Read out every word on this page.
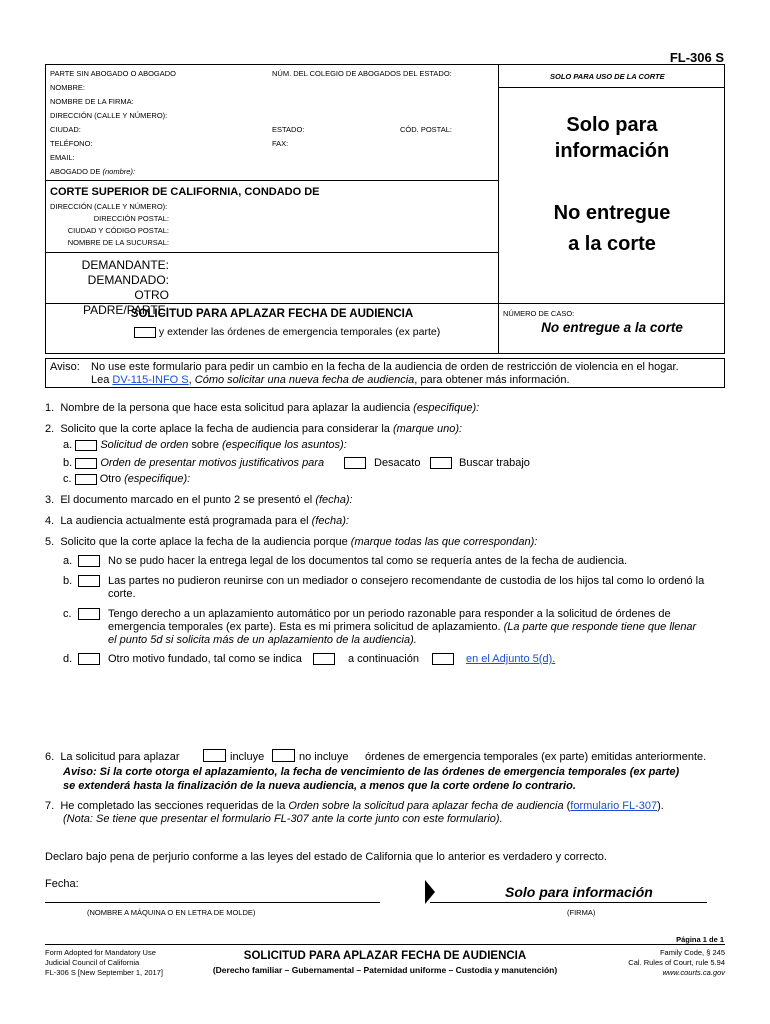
FL-306 S
PARTE SIN ABOGADO O ABOGADO	NÚM. DEL COLEGIO DE ABOGADOS DEL ESTADO:
NOMBRE:
NOMBRE DE LA FIRMA:
DIRECCIÓN (CALLE Y NÚMERO):
CIUDAD:	ESTADO:	CÓD. POSTAL:
TELÉFONO:	FAX:
EMAIL:
ABOGADO DE (nombre):
SOLO PARA USO DE LA CORTE
Solo para
información
No entregue
a la corte
CORTE SUPERIOR DE CALIFORNIA, CONDADO DE
DIRECCIÓN (CALLE Y NÚMERO):
DIRECCIÓN POSTAL:
CIUDAD Y CÓDIGO POSTAL:
NOMBRE DE LA SUCURSAL:
DEMANDANTE:
DEMANDADO:
OTRO PADRE/PARTE:
SOLICITUD PARA APLAZAR FECHA DE AUDIENCIA
y extender las órdenes de emergencia temporales (ex parte)
NÚMERO DE CASO:
No entregue a la corte
Aviso: No use este formulario para pedir un cambio en la fecha de la audiencia de orden de restricción de violencia en el hogar.
Lea DV-115-INFO S, Cómo solicitar una nueva fecha de audiencia, para obtener más información.
1. Nombre de la persona que hace esta solicitud para aplazar la audiencia (especifique):
2. Solicito que la corte aplace la fecha de audiencia para considerar la (marque uno):
a.	Solicitud de orden sobre (especifique los asuntos):
b.	Orden de presentar motivos justificativos para	Desacato	Buscar trabajo
c.	Otro (especifique):
3. El documento marcado en el punto 2 se presentó el (fecha):
4. La audiencia actualmente está programada para el (fecha):
5. Solicito que la corte aplace la fecha de la audiencia porque (marque todas las que correspondan):
a.	No se pudo hacer la entrega legal de los documentos tal como se requería antes de la fecha de audiencia.
b.	Las partes no pudieron reunirse con un mediador o consejero recomendante de custodia de los hijos tal como lo ordenó la
corte.
c.	Tengo derecho a un aplazamiento automático por un periodo razonable para responder a la solicitud de órdenes de
emergencia temporales (ex parte). Esta es mi primera solicitud de aplazamiento. (La parte que responde tiene que llenar
el punto 5d si solicita más de un aplazamiento de la audiencia).
d.	Otro motivo fundado, tal como se indica	a continuación	en el Adjunto 5(d).
6. La solicitud para aplazar	incluye	no incluye órdenes de emergencia temporales (ex parte) emitidas anteriormente.
Aviso: Si la corte otorga el aplazamiento, la fecha de vencimiento de las órdenes de emergencia temporales (ex parte)
se extenderá hasta la finalización de la nueva audiencia, a menos que la corte ordene lo contrario.
7. He completado las secciones requeridas de la Orden sobre la solicitud para aplazar fecha de audiencia (formulario FL-307).
(Nota: Se tiene que presentar el formulario FL-307 ante la corte junto con este formulario).
Declaro bajo pena de perjurio conforme a las leyes del estado de California que lo anterior es verdadero y correcto.
Fecha:	Solo para información
(NOMBRE A MÁQUINA O EN LETRA DE MOLDE)	(FIRMA)
Página 1 de 1
Form Adopted for Mandatory Use
Judicial Council of California
FL-306 S [New September 1, 2017]
SOLICITUD PARA APLAZAR FECHA DE AUDIENCIA
(Derecho familiar – Gubernamental – Paternidad uniforme – Custodia y manutención)
Family Code, § 245
Cal. Rules of Court, rule 5.94
www.courts.ca.gov
